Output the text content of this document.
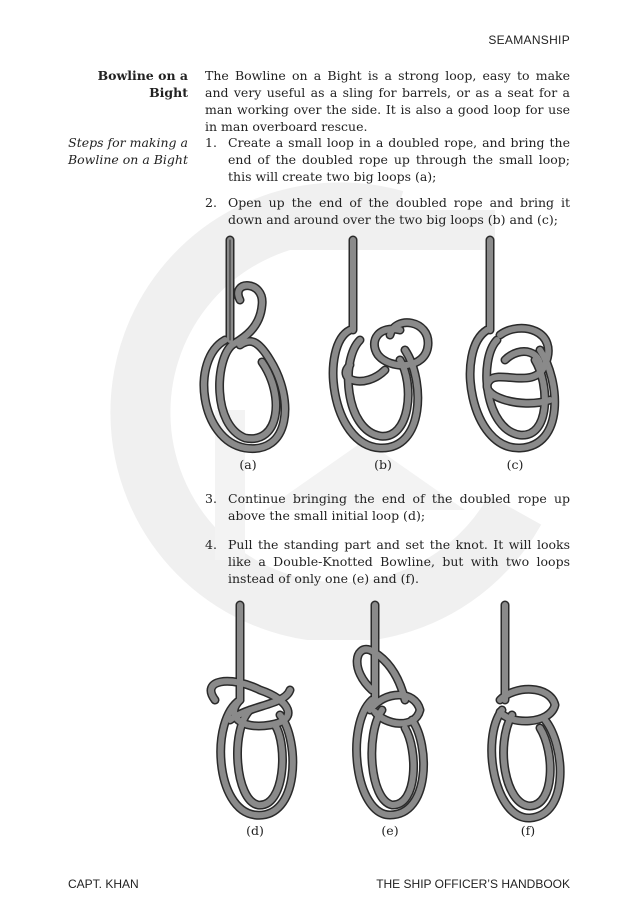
SEAMANSHIP
Bowline on a Bight
The Bowline on a Bight is a strong loop, easy to make and very useful as a sling for barrels, or as a seat for a man working over the side. It is also a good loop for use in man overboard rescue.
Steps for making a Bowline on a Bight
1. Create a small loop in a doubled rope, and bring the end of the doubled rope up through the small loop; this will create two big loops (a);
2. Open up the end of the doubled rope and bring it down and around over the two big loops (b) and (c);
(a)	(b)	(c)
3. Continue bringing the end of the doubled rope up above the small initial loop (d);
4. Pull the standing part and set the knot. It will looks like a Double-Knotted Bowline, but with two loops instead of only one (e) and (f).
(d)	(e)	(f)
CAPT. KHAN	THE SHIP OFFICER’S HANDBOOK
